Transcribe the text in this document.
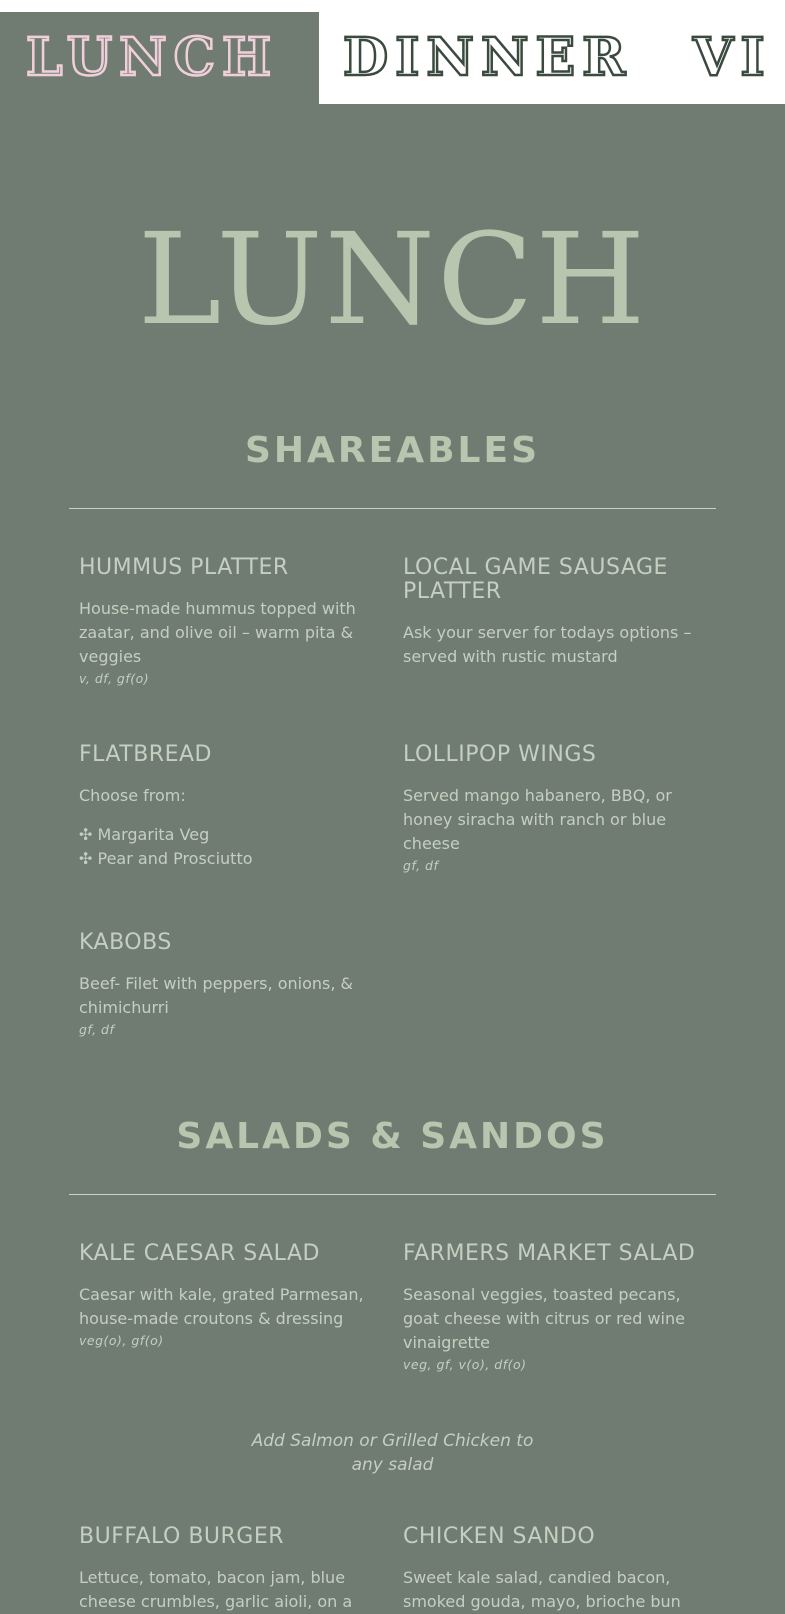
LUNCH	DINNER	VI
LUNCH
SHAREABLES
HUMMUS PLATTER

House-made hummus topped with zaatar, and olive oil – warm pita & veggies

v, df, gf(o)

LOCAL GAME SAUSAGE PLATTER

Ask your server for todays options – served with rustic mustard

FLATBREAD

Choose from:

✣ Margarita Veg
✣ Pear and Prosciutto

LOLLIPOP WINGS

Served mango habanero, BBQ, or honey siracha with ranch or blue cheese

gf, df

KABOBS

Beef- Filet with peppers, onions, & chimichurri

gf, df

SALADS & SANDOS
KALE CAESAR SALAD

Caesar with kale, grated Parmesan, house-made croutons & dressing

veg(o), gf(o)

FARMERS MARKET SALAD

Seasonal veggies, toasted pecans, goat cheese with citrus or red wine vinaigrette

veg, gf, v(o), df(o)

Add Salmon or Grilled Chicken to any salad
BUFFALO BURGER

Lettuce, tomato, bacon jam, blue cheese crumbles, garlic aioli, on a

CHICKEN SANDO

Sweet kale salad, candied bacon, smoked gouda, mayo, brioche bun
